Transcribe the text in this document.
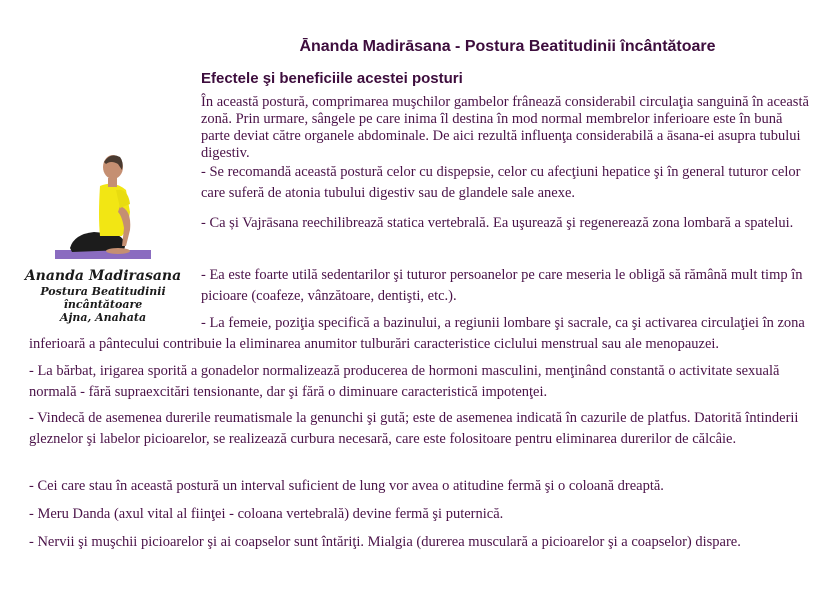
Ānanda Madirāsana - Postura Beatitudinii încântătoare
Efectele şi beneficiile acestei posturi
Ananda Madirasana
Postura Beatitudinii încântătoare
Ajna, Anahata

În această postură, comprimarea muşchilor gambelor frânează considerabil circulaţia sanguină în această zonă. Prin urmare, sângele pe care inima îl destina în mod normal membrelor inferioare este în bună parte deviat către organele abdominale. De aici rezultă influenţa considerabilă a āsana-ei asupra tubului digestiv.

- Se recomandă această postură celor cu dispepsie, celor cu afecţiuni hepatice şi în general tuturor celor care suferă de atonia tubului digestiv sau de glandele sale anexe.

- Ca și Vajrāsana reechilibrează statica vertebrală. Ea uşurează şi regenerează zona lombară a spatelui.

- Ea este foarte utilă sedentarilor şi tuturor persoanelor pe care meseria le obligă să rămână mult timp în picioare (coafeze, vânzătoare, dentişti, etc.).

- La femeie, poziţia specifică a bazinului, a regiunii lombare şi sacrale, ca şi activarea circulaţiei în zona inferioară a pântecului contribuie la eliminarea anumitor tulburări caracteristice ciclului menstrual sau ale menopauzei.

- La bărbat, irigarea sporită a gonadelor normalizează producerea de hormoni masculini, menţinând constantă o activitate sexuală normală - fără supraexcitări tensionante, dar şi fără o diminuare caracteristică impotenţei.

- Vindecă de asemenea durerile reumatismale la genunchi şi gută; este de asemenea indicată în cazurile de platfus. Datorită întinderii gleznelor şi labelor picioarelor, se realizează curbura necesară, care este folositoare pentru eliminarea durerilor de călcâie.

- Cei care stau în această postură un interval suficient de lung vor avea o atitudine fermă şi o coloană dreaptă.

- Meru Danda (axul vital al fiinţei - coloana vertebrală) devine fermă şi puternică.

- Nervii şi muşchii picioarelor şi ai coapselor sunt întăriţi. Mialgia (durerea musculară a picioarelor şi a coapselor) dispare.
